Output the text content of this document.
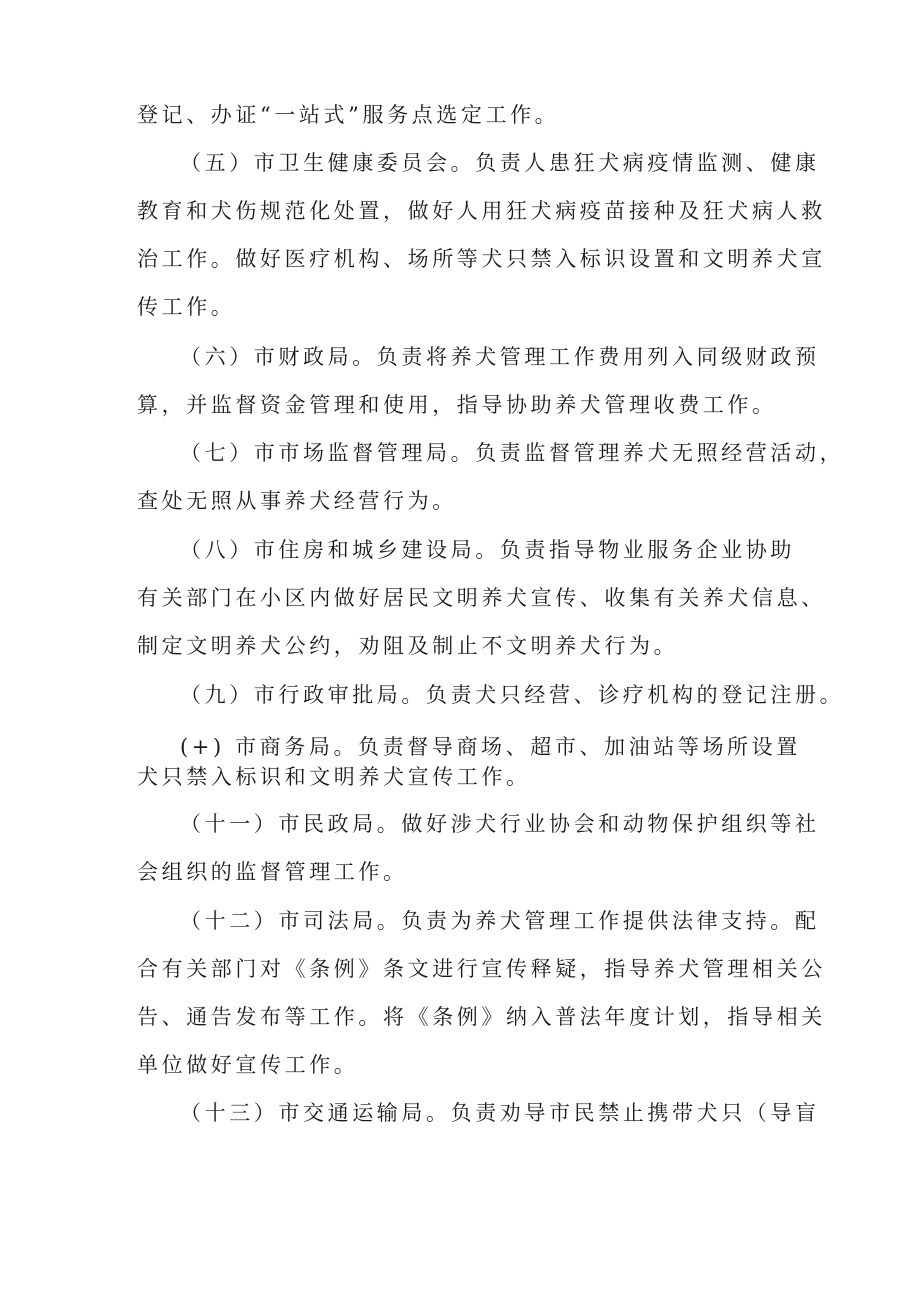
登记、办证“一站式”服务点选定工作。
（五）市卫生健康委员会。负责人患狂犬病疫情监测、健康
教育和犬伤规范化处置，做好人用狂犬病疫苗接种及狂犬病人救
治工作。做好医疗机构、场所等犬只禁入标识设置和文明养犬宣
传工作。
（六）市财政局。负责将养犬管理工作费用列入同级财政预
算，并监督资金管理和使用，指导协助养犬管理收费工作。
（七）市市场监督管理局。负责监督管理养犬无照经营活动，
查处无照从事养犬经营行为。
（八）市住房和城乡建设局。负责指导物业服务企业协助
有关部门在小区内做好居民文明养犬宣传、收集有关养犬信息、
制定文明养犬公约，劝阻及制止不文明养犬行为。
（九）市行政审批局。负责犬只经营、诊疗机构的登记注册。
(+) 市商务局。负责督导商场、超市、加油站等场所设置
犬只禁入标识和文明养犬宣传工作。
（十一）市民政局。做好涉犬行业协会和动物保护组织等社
会组织的监督管理工作。
（十二）市司法局。负责为养犬管理工作提供法律支持。配
合有关部门对《条例》条文进行宣传释疑，指导养犬管理相关公
告、通告发布等工作。将《条例》纳入普法年度计划，指导相关
单位做好宣传工作。
（十三）市交通运输局。负责劝导市民禁止携带犬只（导盲
